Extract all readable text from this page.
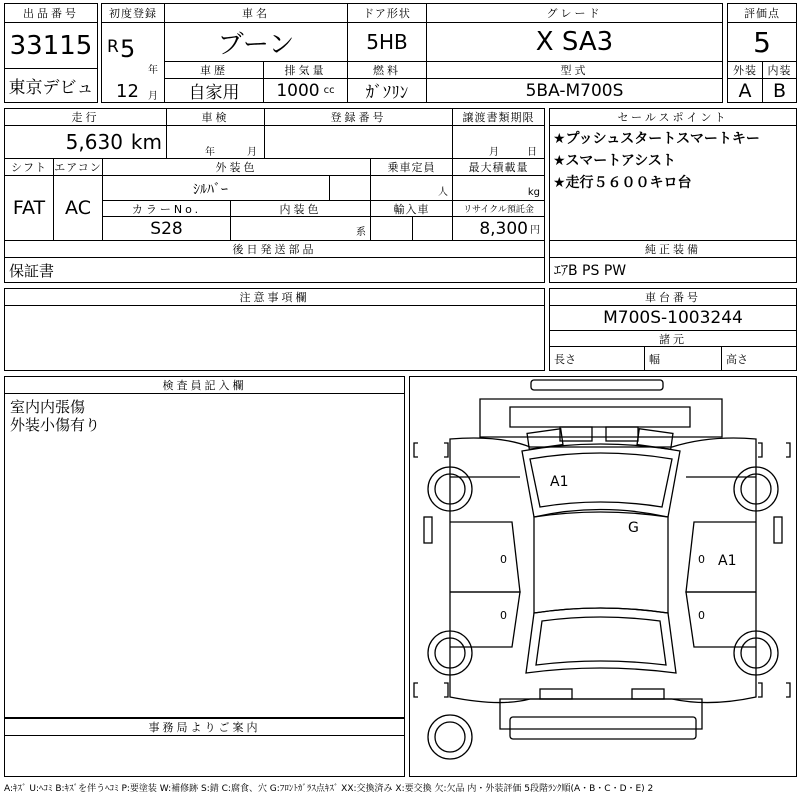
出品番号
33115
東京デビュ
初度登録
R 5
年
12 月
車名
ブーン
車歴
自家用
排気量
1000 cc
ドア形状
5HB
燃料
ｶﾞｿﾘﾝ
グレード
X SA3
型式
5BA-M700S
評価点
5
外装 内装
A	B
走行
5,630 km
車検
年	月
登録番号	譲渡書類期限
月	日
シフト
FAT
エアコン
AC
外装色
ｼﾙﾊﾞｰ
乗車定員
人
最大積載量
kg
カラーNo.
S28
内装色
系
輸入車	リサイクル預託金
8,300 円
後日発送部品
保証書
セールスポイント
★プッシュスタートスマートキー
★スマートアシスト
★走行５６００キロ台
純正装備
ｴｱB PS PW
注意事項欄	車台番号
M700S-1003244
諸元
長さ	幅	高さ
検査員記入欄
室内内張傷
外装小傷有り
事務局よりご案内
A1
G
A1
0
0
0
0
A:ｷｽﾞ U:ﾍｺﾐ B:ｷｽﾞを伴うﾍｺﾐ P:要塗装 W:補修跡 S:錆 C:腐食、穴 G:ﾌﾛﾝﾄｶﾞﾗｽ点ｷｽﾞ XX:交換済み X:要交換 欠:欠品 内・外装評価 5段階ﾗﾝｸ順(A・B・C・D・E) 2
